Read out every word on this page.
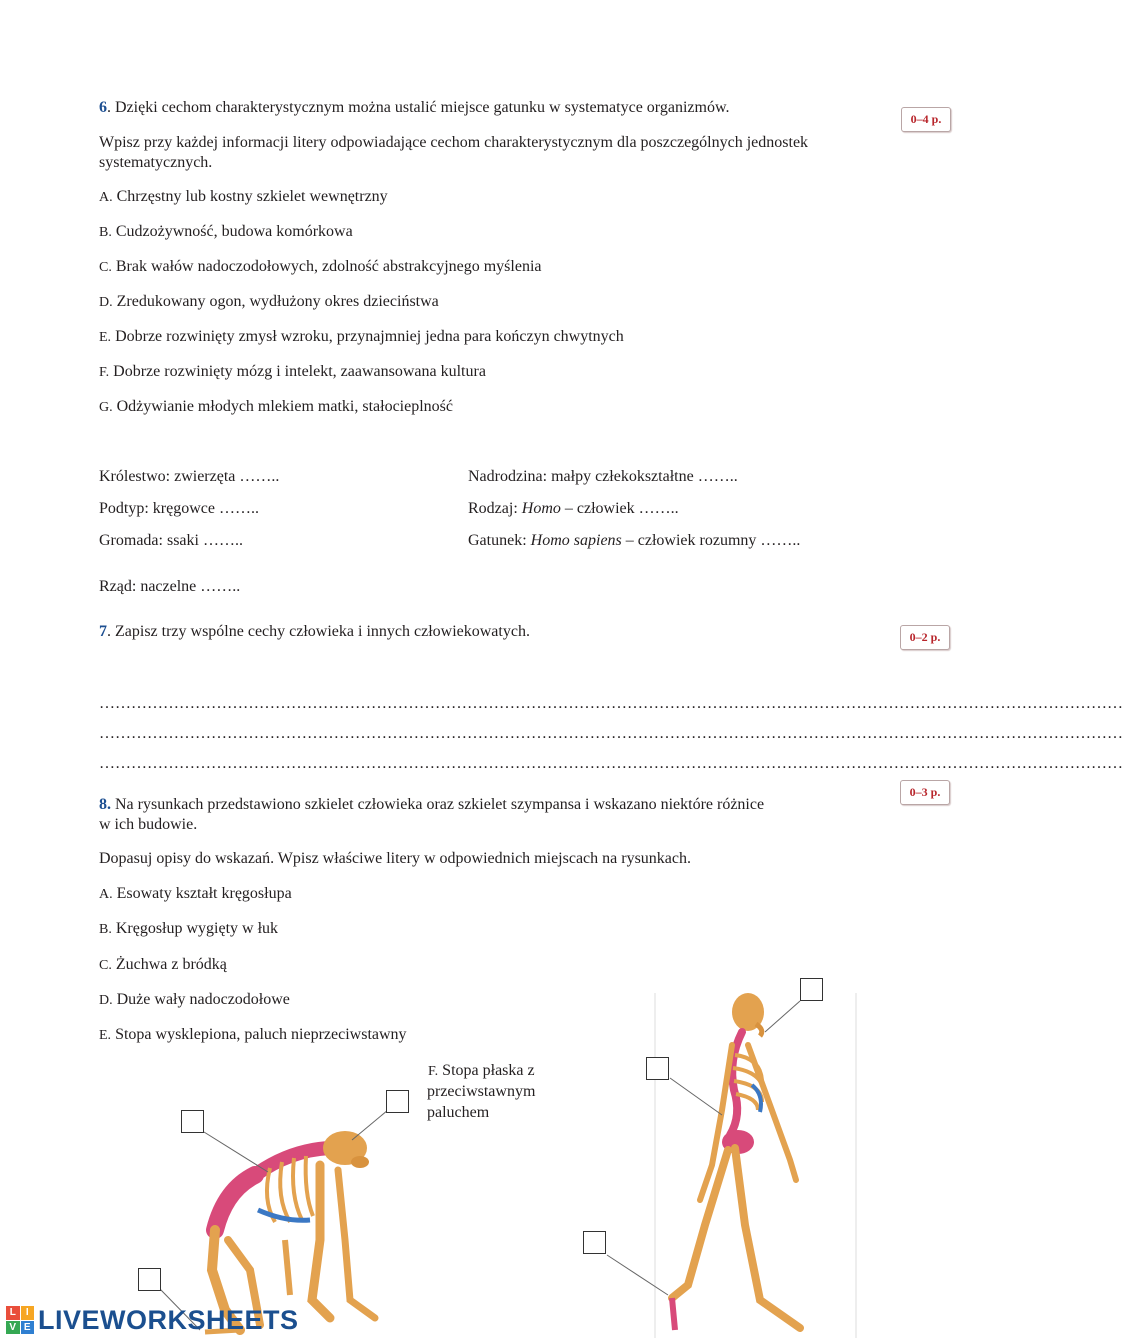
6. Dzięki cechom charakterystycznym można ustalić miejsce gatunku w systematyce organizmów.
0–4 p.
Wpisz przy każdej informacji litery odpowiadające cechom charakterystycznym dla poszczególnych jednostek
systematycznych.
A. Chrzęstny lub kostny szkielet wewnętrzny
B. Cudzożywność, budowa komórkowa
C. Brak wałów nadoczodołowych, zdolność abstrakcyjnego myślenia
D. Zredukowany ogon, wydłużony okres dzieciństwa
E. Dobrze rozwinięty zmysł wzroku, przynajmniej jedna para kończyn chwytnych
F. Dobrze rozwinięty mózg i intelekt, zaawansowana kultura
G. Odżywianie młodych mlekiem matki, stałocieplność
Królestwo: zwierzęta ……..
Podtyp: kręgowce ……..
Gromada: ssaki ……..
Rząd: naczelne ……..
Nadrodzina: małpy człekokształtne ……..
Rodzaj: Homo – człowiek ……..
Gatunek: Homo sapiens – człowiek rozumny ……..
7. Zapisz trzy wspólne cechy człowieka i innych człowiekowatych.	0–2 p.
…………………………………………………………………………………………………………………………………………………………………………
…………………………………………………………………………………………………………………………………………………………………………
…………………………………………………………………………………………………………………………………………………………………………
8. Na rysunkach przedstawiono szkielet człowieka oraz szkielet szympansa i wskazano niektóre różnice
w ich budowie.
0–3 p.
Dopasuj opisy do wskazań. Wpisz właściwe litery w odpowiednich miejscach na rysunkach.
A. Esowaty kształt kręgosłupa
B. Kręgosłup wygięty w łuk
C. Żuchwa z bródką
D. Duże wały nadoczodołowe
E. Stopa wysklepiona, paluch nieprzeciwstawny
F. Stopa płaska z
przeciwstawnym
paluchem
L	I
V E LIVEWORKSHEETS
